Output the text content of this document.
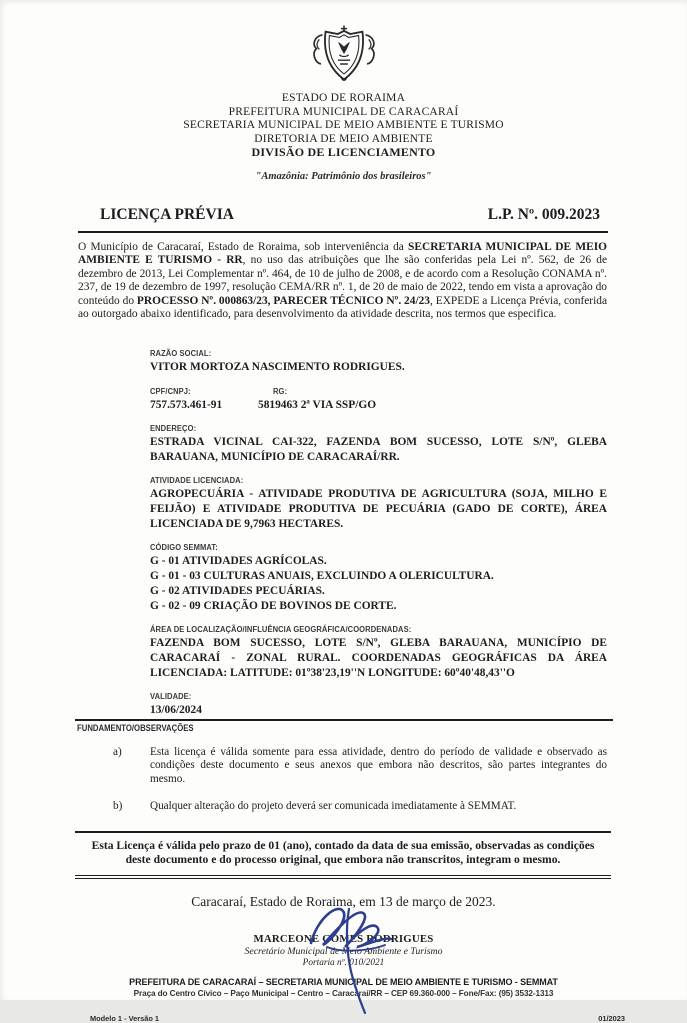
ESTADO DE RORAIMA
PREFEITURA MUNICIPAL DE CARACARAÍ
SECRETARIA MUNICIPAL DE MEIO AMBIENTE E TURISMO
DIRETORIA DE MEIO AMBIENTE
DIVISÃO DE LICENCIAMENTO
"Amazônia: Patrimônio dos brasileiros"
LICENÇA PRÉVIA	L.P. Nº. 009.2023

O Município de Caracaraí, Estado de Roraima, sob interveniência da SECRETARIA MUNICIPAL DE MEIO AMBIENTE E TURISMO - RR, no uso das atribuições que lhe são conferidas pela Lei nº. 562, de 26 de dezembro de 2013, Lei Complementar nº. 464, de 10 de julho de 2008, e de acordo com a Resolução CONAMA nº. 237, de 19 de dezembro de 1997, resolução CEMA/RR nº. 1, de 20 de maio de 2022, tendo em vista a aprovação do conteúdo do PROCESSO Nº. 000863/23, PARECER TÉCNICO Nº. 24/23, EXPEDE a Licença Prévia, conferida ao outorgado abaixo identificado, para desenvolvimento da atividade descrita, nos termos que especifica.

RAZÃO SOCIAL:
VITOR MORTOZA NASCIMENTO RODRIGUES.
CPF/CNPJ:
757.573.461-91
RG:
5819463 2ª VIA SSP/GO
ENDEREÇO:
ESTRADA VICINAL CAI-322, FAZENDA BOM SUCESSO, LOTE S/Nº, GLEBA BARAUANA, MUNICÍPIO DE CARACARAÍ/RR.
ATIVIDADE LICENCIADA:
AGROPECUÁRIA - ATIVIDADE PRODUTIVA DE AGRICULTURA (SOJA, MILHO E FEIJÃO) E ATIVIDADE PRODUTIVA DE PECUÁRIA (GADO DE CORTE), ÁREA LICENCIADA DE 9,7963 HECTARES.
CÓDIGO SEMMAT:
G - 01 ATIVIDADES AGRÍCOLAS.
G - 01 - 03 CULTURAS ANUAIS, EXCLUINDO A OLERICULTURA.
G - 02 ATIVIDADES PECUÁRIAS.
G - 02 - 09 CRIAÇÃO DE BOVINOS DE CORTE.
ÁREA DE LOCALIZAÇÃO/INFLUÊNCIA GEOGRÁFICA/COORDENADAS:
FAZENDA BOM SUCESSO, LOTE S/Nº, GLEBA BARAUANA, MUNICÍPIO DE CARACARAÍ - ZONAL RURAL. COORDENADAS GEOGRÁFICAS DA ÁREA LICENCIADA: LATITUDE: 01º38'23,19''N LONGITUDE: 60º40'48,43''O
VALIDADE:
13/06/2024
FUNDAMENTO/OBSERVAÇÕES
a)	Esta licença é válida somente para essa atividade, dentro do período de validade e observado as condições deste documento e seus anexos que embora não descritos, são partes integrantes do mesmo.
b)	Qualquer alteração do projeto deverá ser comunicada imediatamente à SEMMAT.
Esta Licença é válida pelo prazo de 01 (ano), contado da data de sua emissão, observadas as condições deste documento e do processo original, que embora não transcritos, integram o mesmo.
Caracaraí, Estado de Roraima, em 13 de março de 2023.
MARCEONE GOMES RODRIGUES
Secretário Municipal de Meio Ambiente e Turismo
Portaria nº. 010/2021
PREFEITURA DE CARACARAÍ – SECRETARIA MUNICIPAL DE MEIO AMBIENTE E TURISMO - SEMMAT
Praça do Centro Cívico – Paço Municipal – Centro – Caracaraí/RR – CEP 69.360-000 – Fone/Fax: (95) 3532-1313
Modelo 1 - Versão 1	01/2023
